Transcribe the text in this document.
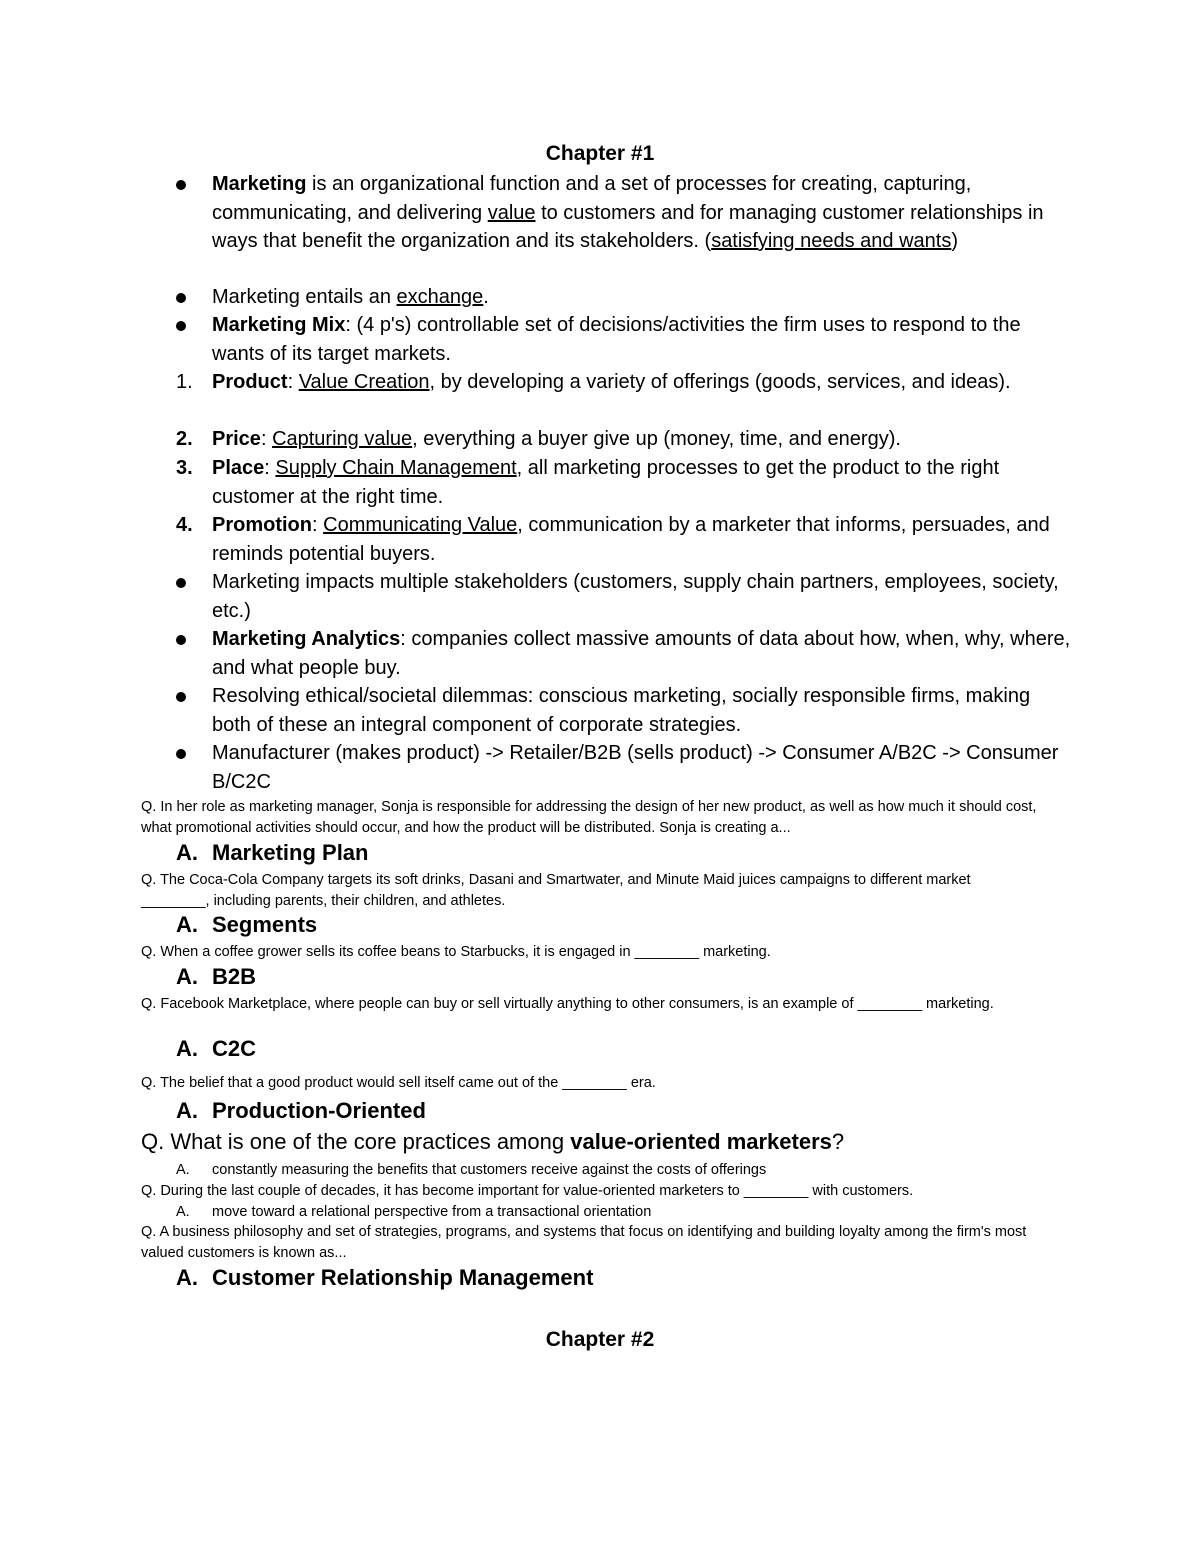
Chapter #1
Marketing is an organizational function and a set of processes for creating, capturing, communicating, and delivering value to customers and for managing customer relationships in ways that benefit the organization and its stakeholders. (satisfying needs and wants)
Marketing entails an exchange.
Marketing Mix: (4 p's) controllable set of decisions/activities the firm uses to respond to the wants of its target markets.
1. Product: Value Creation, by developing a variety of offerings (goods, services, and ideas).
2. Price: Capturing value, everything a buyer give up (money, time, and energy).
3. Place: Supply Chain Management, all marketing processes to get the product to the right customer at the right time.
4. Promotion: Communicating Value, communication by a marketer that informs, persuades, and reminds potential buyers.
Marketing impacts multiple stakeholders (customers, supply chain partners, employees, society, etc.)
Marketing Analytics: companies collect massive amounts of data about how, when, why, where, and what people buy.
Resolving ethical/societal dilemmas: conscious marketing, socially responsible firms, making both of these an integral component of corporate strategies.
Manufacturer (makes product) -> Retailer/B2B (sells product) -> Consumer A/B2C -> Consumer B/C2C
Q. In her role as marketing manager, Sonja is responsible for addressing the design of her new product, as well as how much it should cost, what promotional activities should occur, and how the product will be distributed. Sonja is creating a...
A. Marketing Plan
Q. The Coca-Cola Company targets its soft drinks, Dasani and Smartwater, and Minute Maid juices campaigns to different market ________, including parents, their children, and athletes.
A. Segments
Q. When a coffee grower sells its coffee beans to Starbucks, it is engaged in ________ marketing.
A. B2B
Q. Facebook Marketplace, where people can buy or sell virtually anything to other consumers, is an example of ________ marketing.
A. C2C
Q. The belief that a good product would sell itself came out of the ________ era.
A. Production-Oriented
Q. What is one of the core practices among value-oriented marketers?
A. constantly measuring the benefits that customers receive against the costs of offerings
Q. During the last couple of decades, it has become important for value-oriented marketers to ________ with customers.
A. move toward a relational perspective from a transactional orientation
Q. A business philosophy and set of strategies, programs, and systems that focus on identifying and building loyalty among the firm's most valued customers is known as...
A. Customer Relationship Management
Chapter #2
